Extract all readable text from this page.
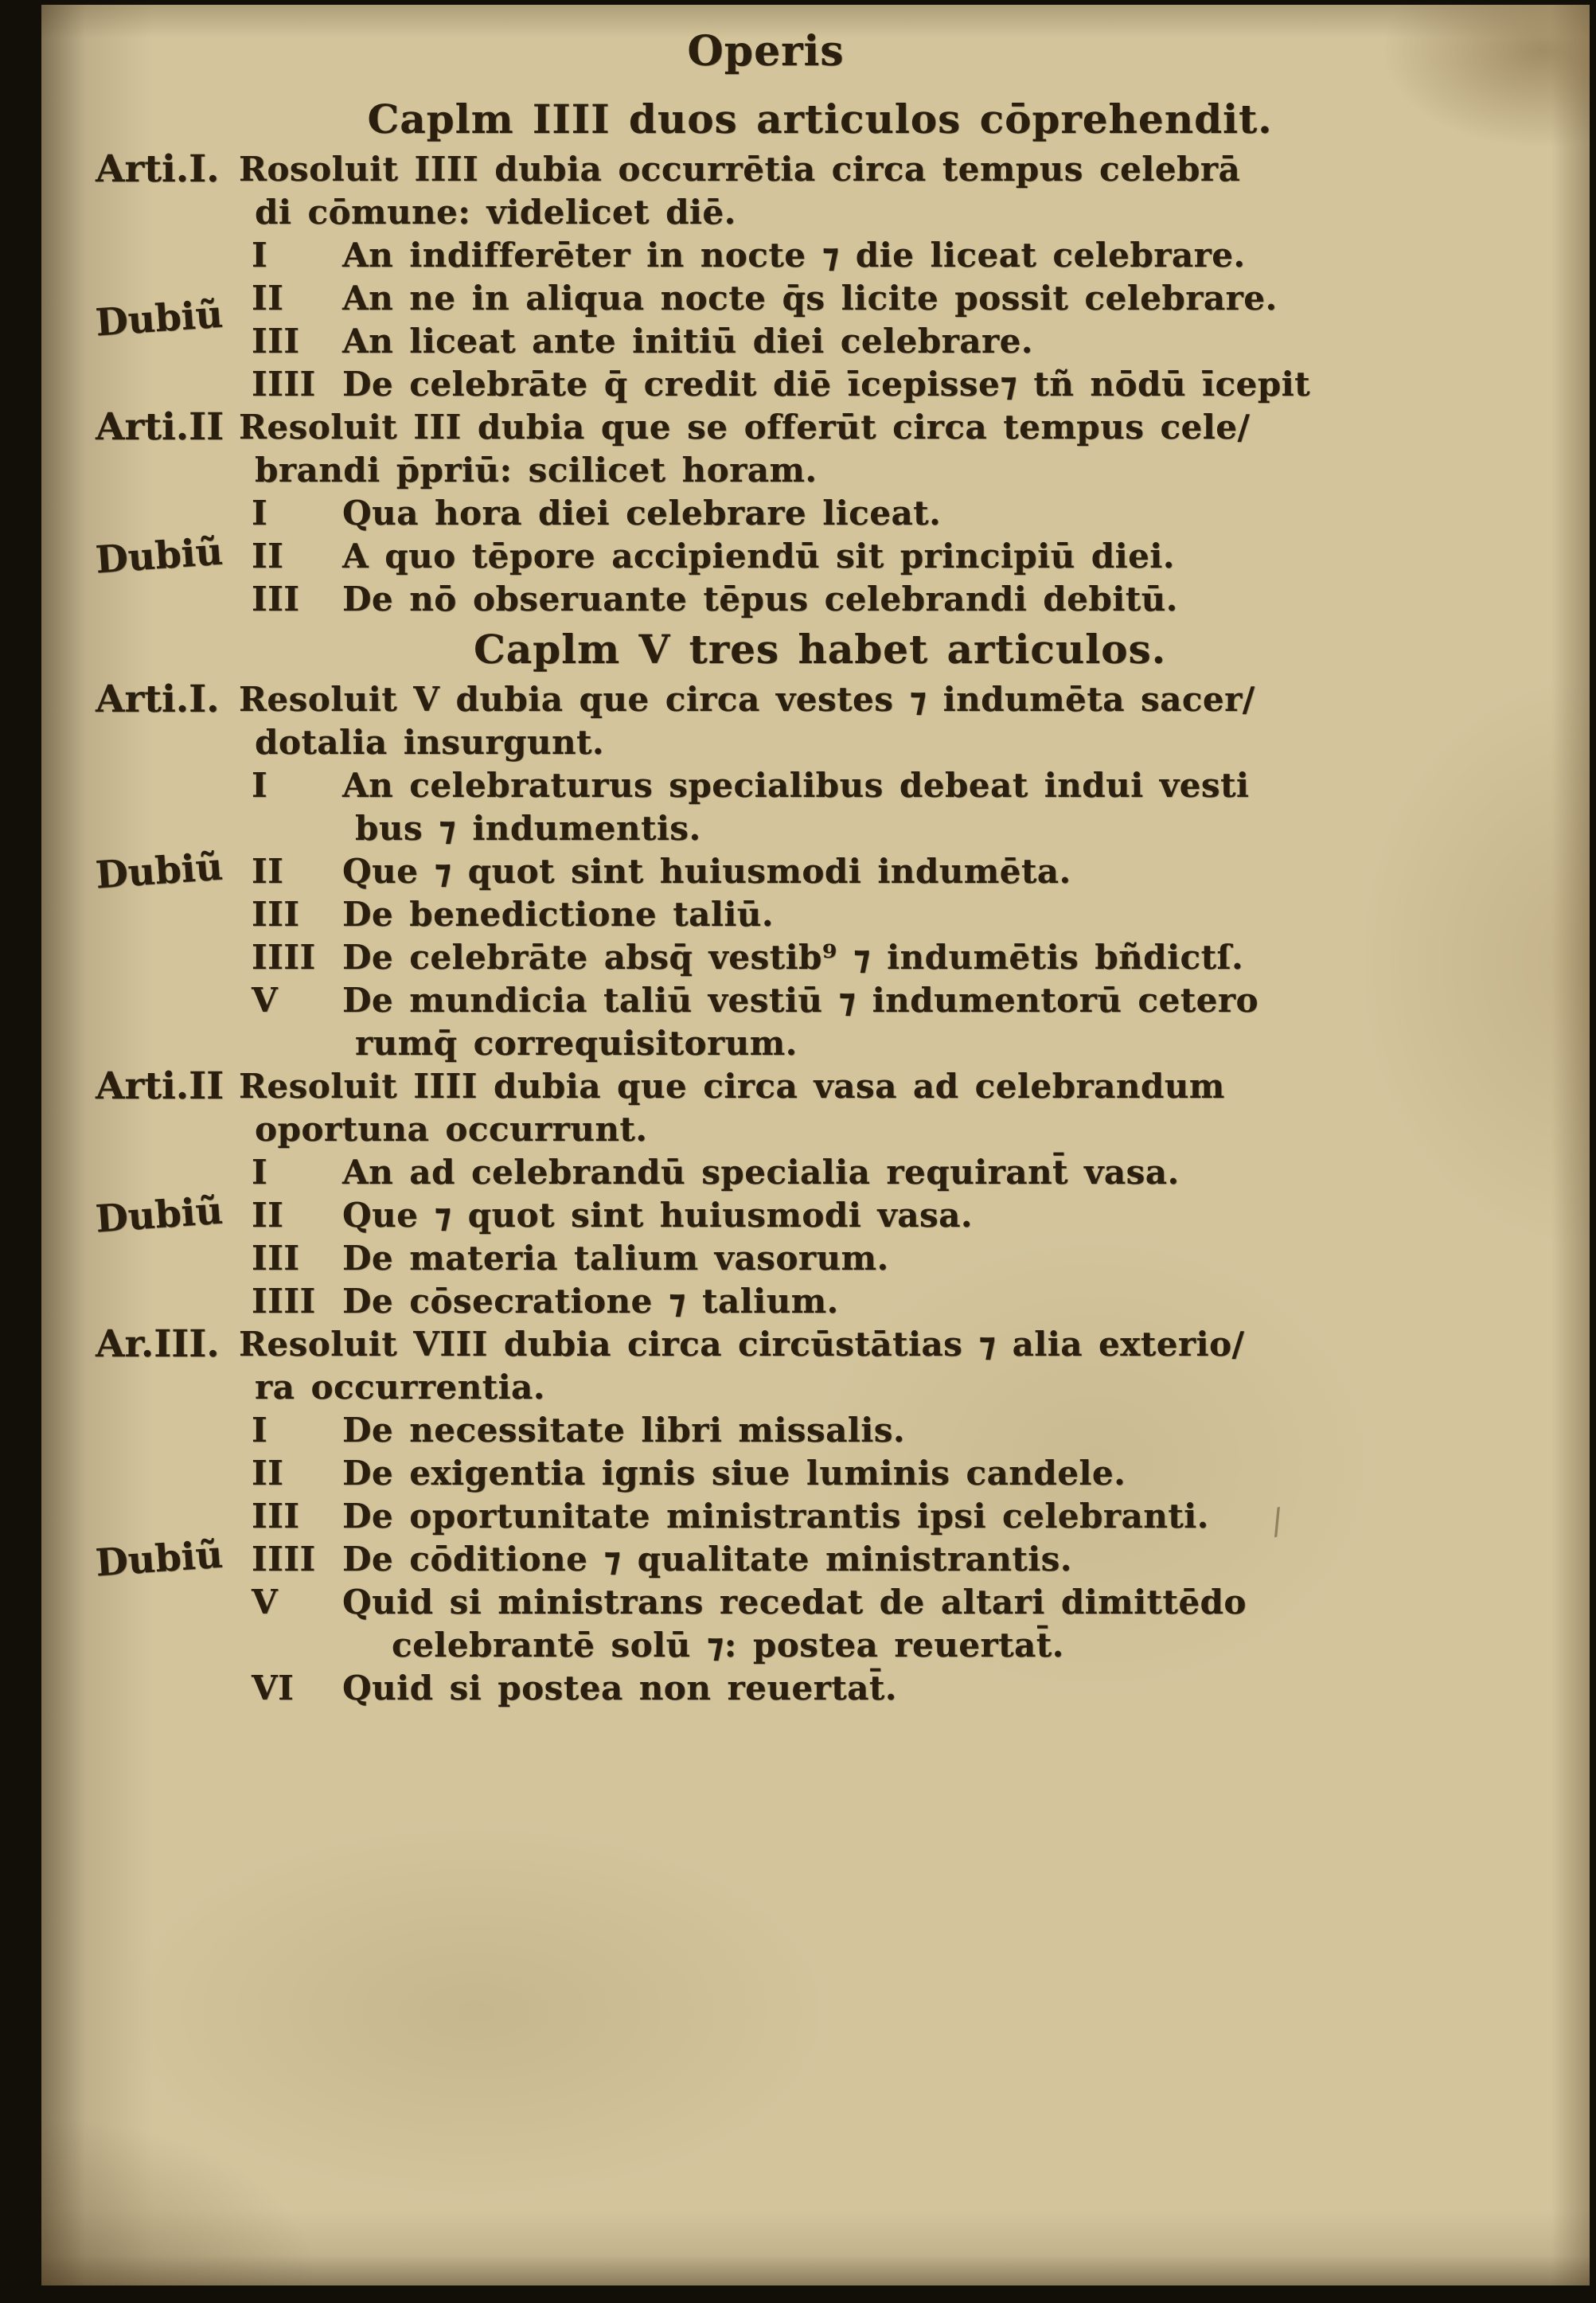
Operis
Caplm IIII duos articulos cōprehendit.
Arti.I. Rosoluit IIII dubia occurrētia circa tempus celebrā
di cōmune: videlicet diē.
I	An indifferēter in nocte ⁊ die liceat celebrare.
Dubiũ II	An ne in aliqua nocte q̄s licite possit celebrare.
III	An liceat ante initiū diei celebrare.
IIII De celebrāte q̄ credit diē īcepisse⁊ tñ nōdū īcepit
Arti.II Resoluit III dubia que se offerūt circa tempus cele/
brandi p̄priū: scilicet horam.
I	Qua hora diei celebrare liceat.
Dubiũ II	A quo tēpore accipiendū sit principiū diei.
III	De nō obseruante tēpus celebrandi debitū.
Caplm V tres habet articulos.
Arti.I. Resoluit V dubia que circa vestes ⁊ indumēta sacer/
dotalia insurgunt.
I	An celebraturus specialibus debeat indui vesti
bus ⁊ indumentis.
Dubiũ II	Que ⁊ quot sint huiusmodi indumēta.
III	De benedictione taliū.
IIII De celebrāte absq̄ vestib⁹ ⁊ indumētis bñdictſ.
V	De mundicia taliū vestiū ⁊ indumentorū cetero
rumq̄ correquisitorum.
Arti.II Resoluit IIII dubia que circa vasa ad celebrandum
oportuna occurrunt.
I	An ad celebrandū specialia requirant̄ vasa.
Dubiũ II	Que ⁊ quot sint huiusmodi vasa.
III	De materia talium vasorum.
IIII De cōsecratione ⁊ talium.
Ar.III. Resoluit VIII dubia circa circūstātias ⁊ alia exterio/
ra occurrentia.
I	De necessitate libri missalis.
II	De exigentia ignis siue luminis candele.
III	De oportunitate ministrantis ipsi celebranti.
Dubiũ IIII De cōditione ⁊ qualitate ministrantis.
V	Quid si ministrans recedat de altari dimittēdo
celebrantē solū ⁊: postea reuertat̄.
VI	Quid si postea non reuertat̄.
/
